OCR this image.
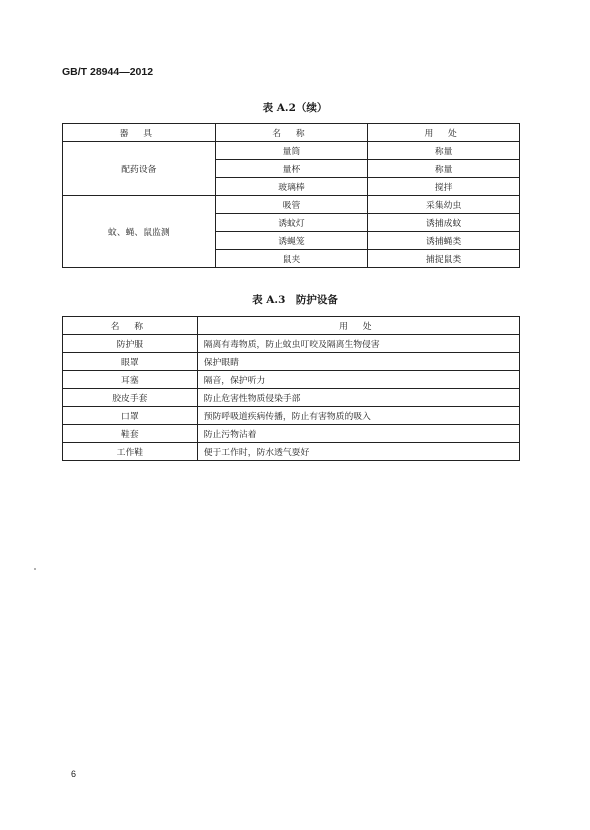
GB/T 28944—2012
表 A.2（续）
器 具	名 称	用 处
配药设备	量筒	称量
	量杯	称量
	玻璃棒	搅拌
蚊、蝇、鼠监测	吸管	采集幼虫
	诱蚊灯	诱捕成蚊
	诱蝇笼	诱捕蝇类
	鼠夹	捕捉鼠类
表 A.3　防护设备
名 称	用 处
防护服	隔离有毒物质，防止蚊虫叮咬及隔离生物侵害
眼罩	保护眼睛
耳塞	隔音，保护听力
胶皮手套	防止危害性物质侵染手部
口罩	预防呼吸道疾病传播，防止有害物质的吸入
鞋套	防止污物沾着
工作鞋	便于工作时，防水透气耍好
6
